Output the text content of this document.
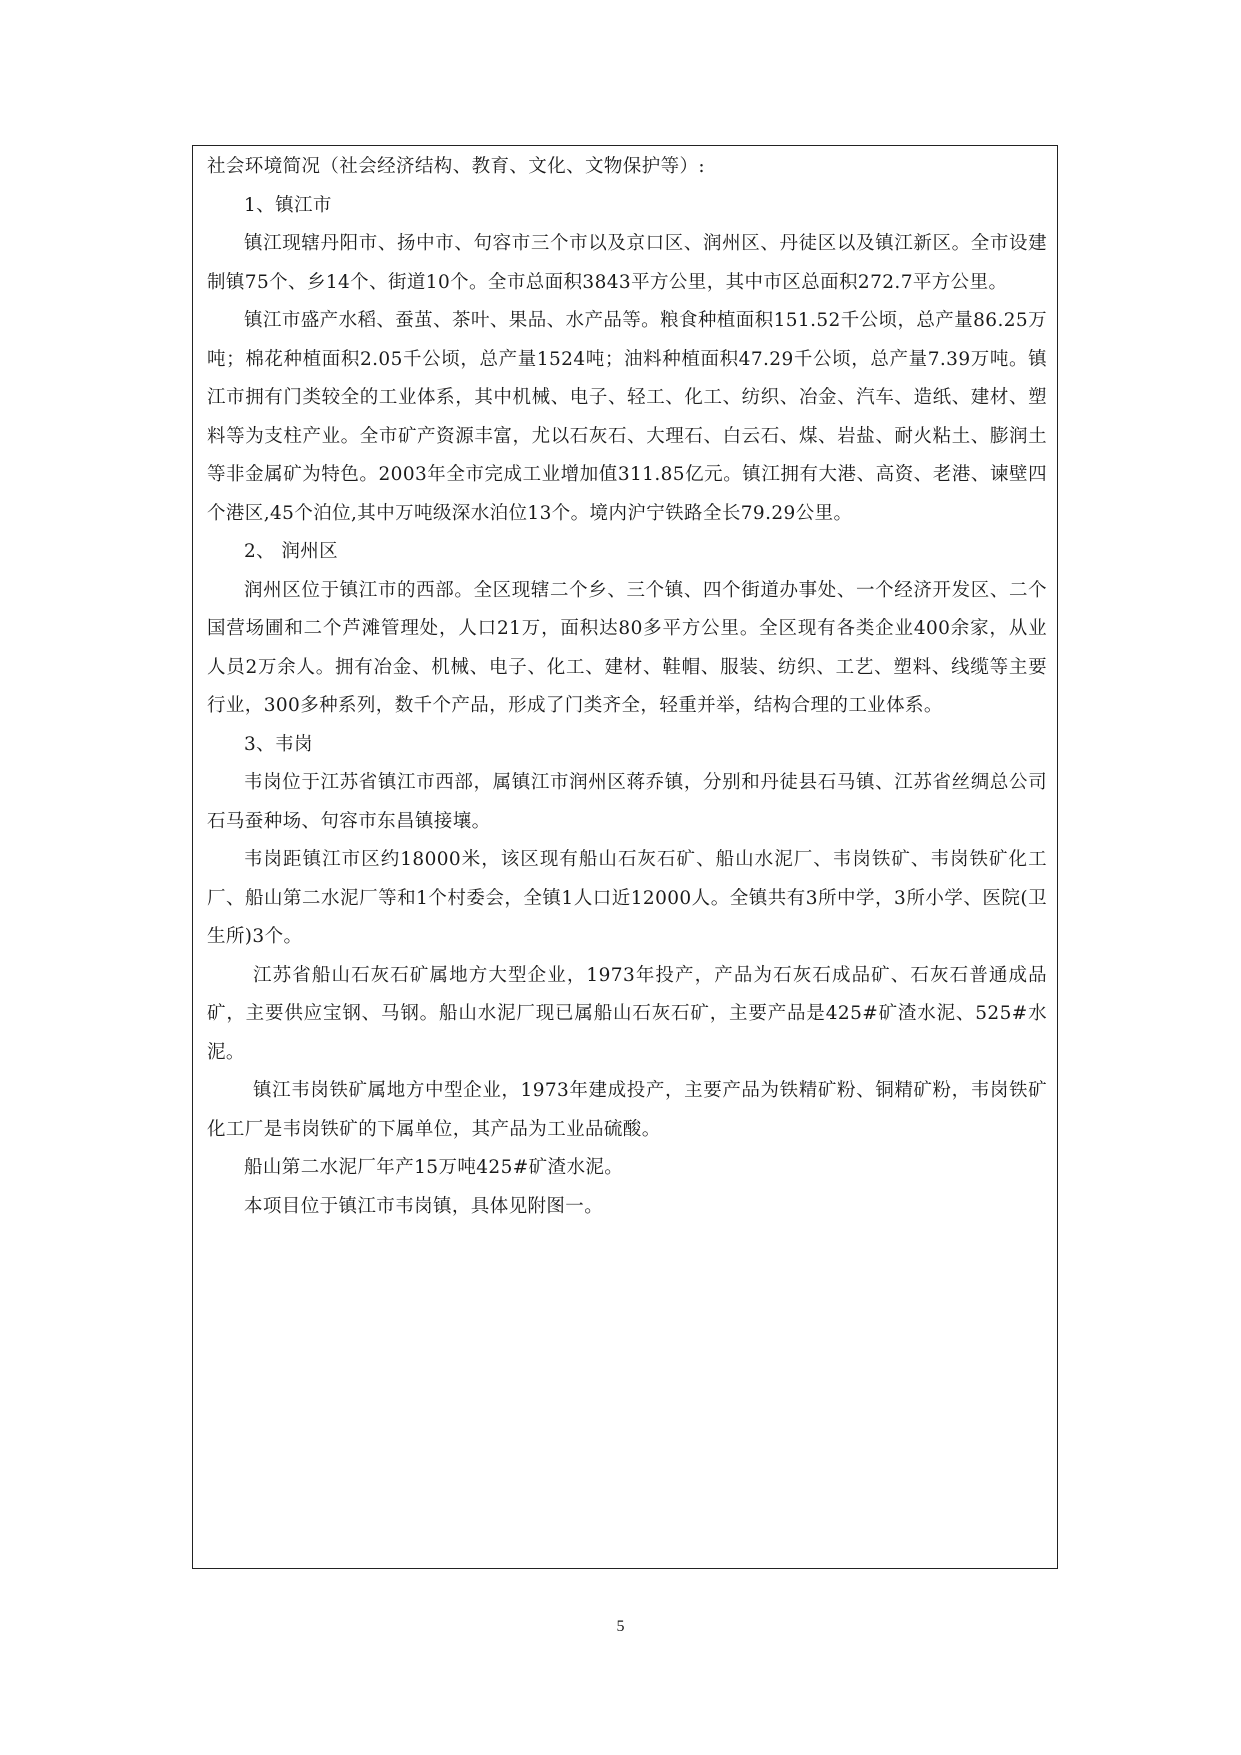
社会环境简况（社会经济结构、教育、文化、文物保护等）:

1、镇江市

镇江现辖丹阳市、扬中市、句容市三个市以及京口区、润州区、丹徒区以及镇江新区。全市设建制镇75个、乡14个、街道10个。全市总面积3843平方公里，其中市区总面积272.7平方公里。

镇江市盛产水稻、蚕茧、茶叶、果品、水产品等。粮食种植面积151.52千公顷，总产量86.25万吨；棉花种植面积2.05千公顷，总产量1524吨；油料种植面积47.29千公顷，总产量7.39万吨。镇江市拥有门类较全的工业体系，其中机械、电子、轻工、化工、纺织、冶金、汽车、造纸、建材、塑料等为支柱产业。全市矿产资源丰富，尤以石灰石、大理石、白云石、煤、岩盐、耐火粘土、膨润土等非金属矿为特色。2003年全市完成工业增加值311.85亿元。镇江拥有大港、高资、老港、谏壁四个港区,45个泊位,其中万吨级深水泊位13个。境内沪宁铁路全长79.29公里。

2、 润州区

润州区位于镇江市的西部。全区现辖二个乡、三个镇、四个街道办事处、一个经济开发区、二个国营场圃和二个芦滩管理处，人口21万，面积达80多平方公里。全区现有各类企业400余家，从业人员2万余人。拥有冶金、机械、电子、化工、建材、鞋帽、服装、纺织、工艺、塑料、线缆等主要行业，300多种系列，数千个产品，形成了门类齐全，轻重并举，结构合理的工业体系。

3、韦岗

韦岗位于江苏省镇江市西部，属镇江市润州区蒋乔镇，分别和丹徒县石马镇、江苏省丝绸总公司石马蚕种场、句容市东昌镇接壤。

韦岗距镇江市区约18000米，该区现有船山石灰石矿、船山水泥厂、韦岗铁矿、韦岗铁矿化工厂、船山第二水泥厂等和1个村委会，全镇1人口近12000人。全镇共有3所中学，3所小学、医院(卫生所)3个。

江苏省船山石灰石矿属地方大型企业，1973年投产，产品为石灰石成品矿、石灰石普通成品矿，主要供应宝钢、马钢。船山水泥厂现已属船山石灰石矿，主要产品是425#矿渣水泥、525#水泥。

镇江韦岗铁矿属地方中型企业，1973年建成投产，主要产品为铁精矿粉、铜精矿粉，韦岗铁矿化工厂是韦岗铁矿的下属单位，其产品为工业品硫酸。

船山第二水泥厂年产15万吨425#矿渣水泥。

本项目位于镇江市韦岗镇，具体见附图一。

5
